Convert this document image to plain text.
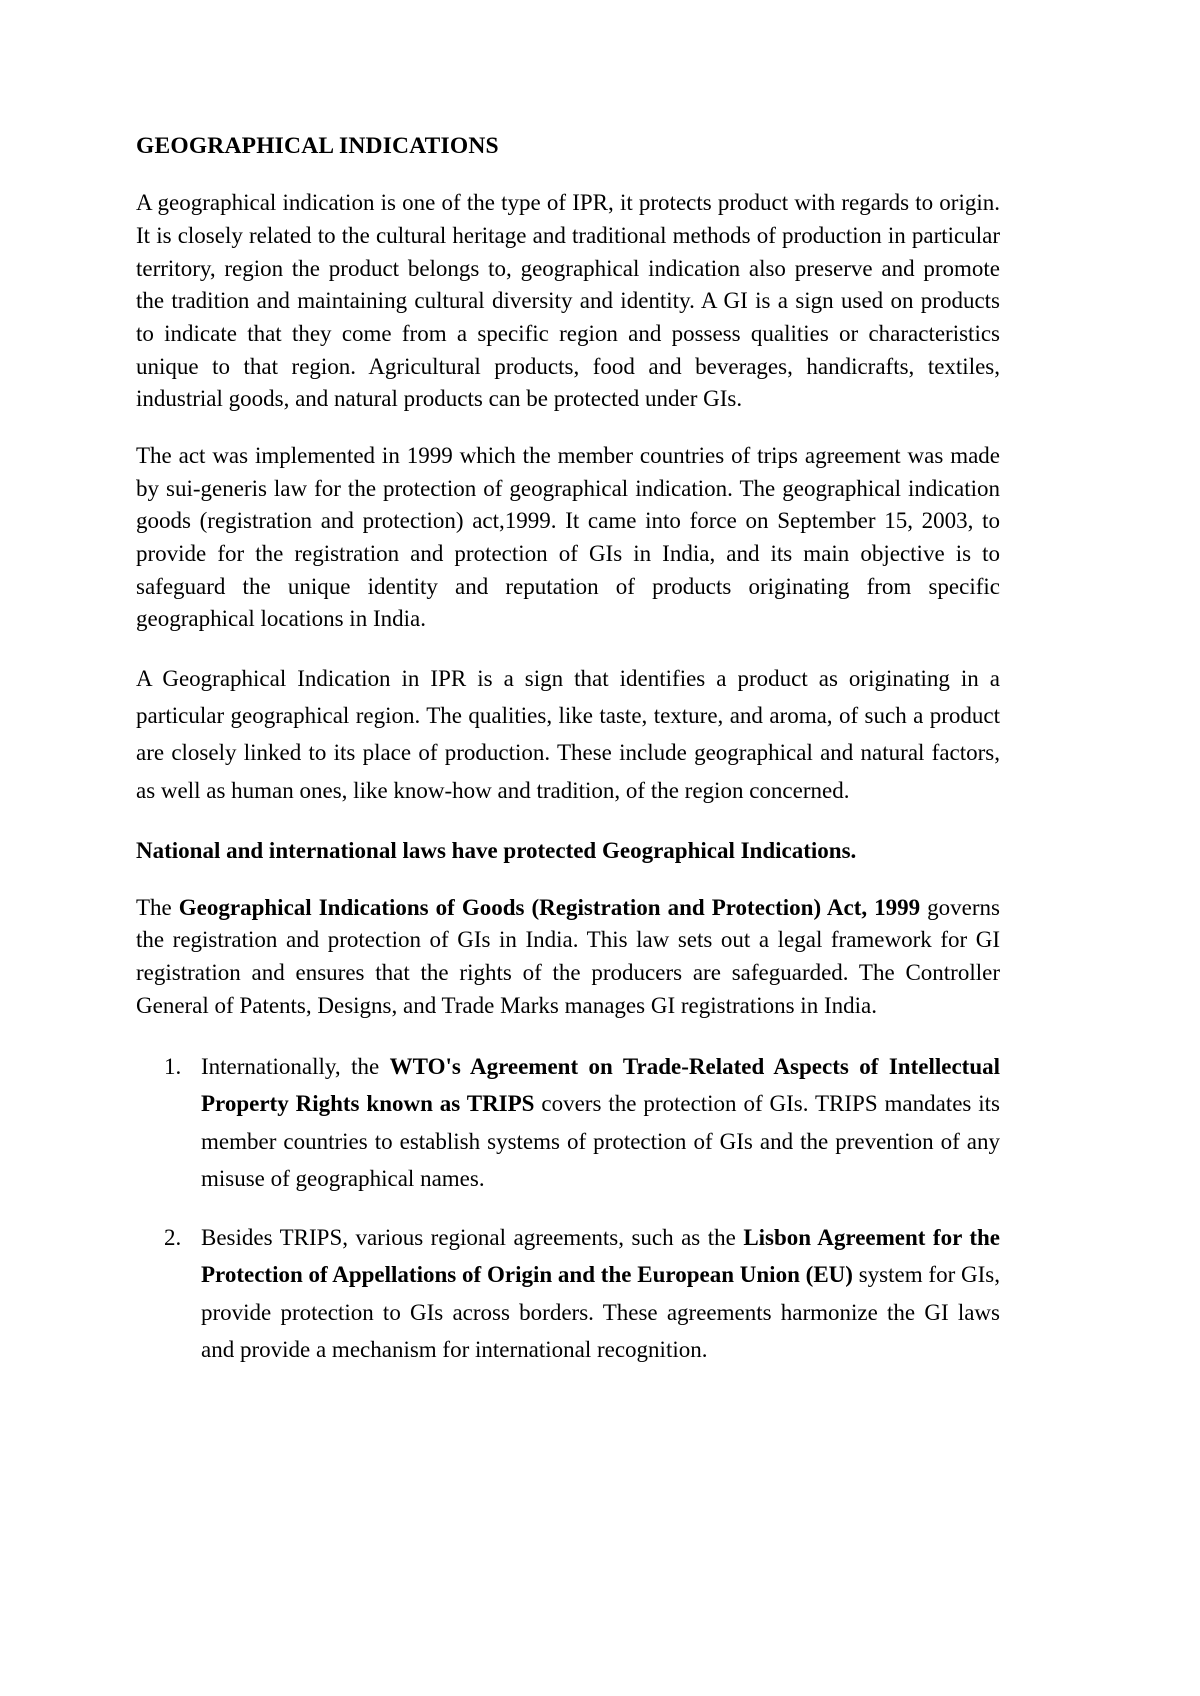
GEOGRAPHICAL INDICATIONS

A geographical indication is one of the type of IPR, it protects product with regards to origin. It is closely related to the cultural heritage and traditional methods of production in particular territory, region the product belongs to, geographical indication also preserve and promote the tradition and maintaining cultural diversity and identity. A GI is a sign used on products to indicate that they come from a specific region and possess qualities or characteristics unique to that region. Agricultural products, food and beverages, handicrafts, textiles, industrial goods, and natural products can be protected under GIs.

The act was implemented in 1999 which the member countries of trips agreement was made by sui-generis law for the protection of geographical indication. The geographical indication goods (registration and protection) act,1999. It came into force on September 15, 2003, to provide for the registration and protection of GIs in India, and its main objective is to safeguard the unique identity and reputation of products originating from specific geographical locations in India.

A Geographical Indication in IPR is a sign that identifies a product as originating in a particular geographical region. The qualities, like taste, texture, and aroma, of such a product are closely linked to its place of production. These include geographical and natural factors, as well as human ones, like know-how and tradition, of the region concerned.

National and international laws have protected Geographical Indications.

The Geographical Indications of Goods (Registration and Protection) Act, 1999 governs the registration and protection of GIs in India. This law sets out a legal framework for GI registration and ensures that the rights of the producers are safeguarded. The Controller General of Patents, Designs, and Trade Marks manages GI registrations in India.

Internationally, the WTO's Agreement on Trade-Related Aspects of Intellectual Property Rights known as TRIPS covers the protection of GIs. TRIPS mandates its member countries to establish systems of protection of GIs and the prevention of any misuse of geographical names.
Besides TRIPS, various regional agreements, such as the Lisbon Agreement for the Protection of Appellations of Origin and the European Union (EU) system for GIs, provide protection to GIs across borders. These agreements harmonize the GI laws and provide a mechanism for international recognition.
